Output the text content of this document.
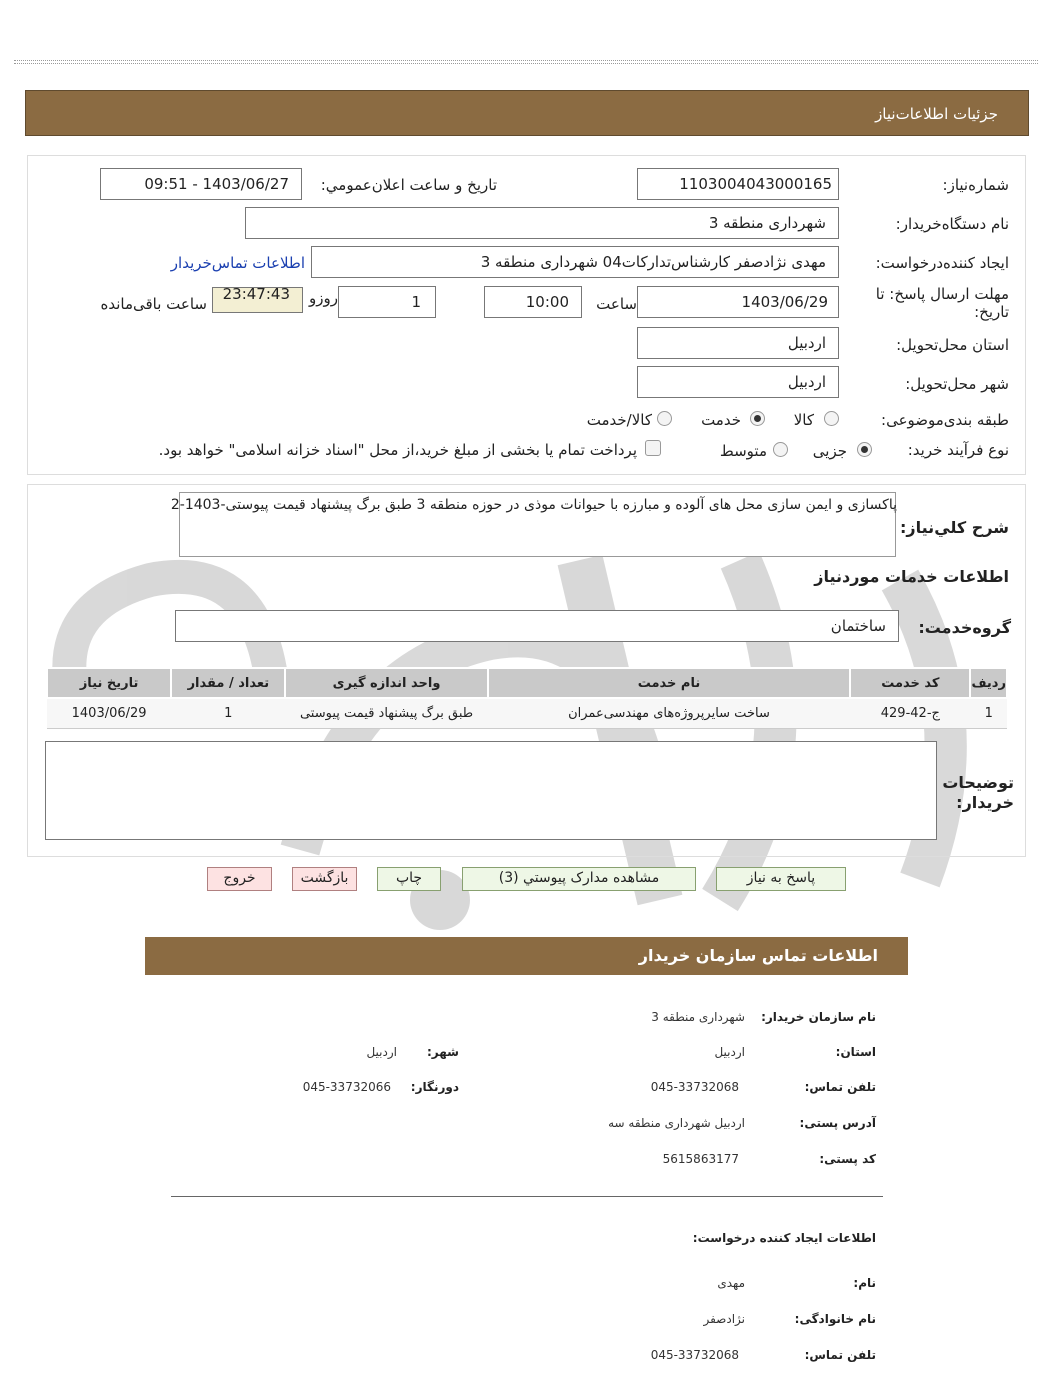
جزئیات اطلاعات‌نیاز
شماره‌نیاز:
1103004043000165
تاريخ و ساعت اعلان‌عمومي:
1403/06/27 - 09:51
نام دستگاه‌خریدار:
شهرداری منطقه 3
ایجاد کننده‌درخواست:
مهدی نژادصفر کارشناس‌تدارکات04 شهرداری منطقه 3
اطلاعات تماس‌خریدار
مهلت ارسال پاسخ: تا تاریخ:
1403/06/29
ساعت
10:00
1
روزو
23:47:43
ساعت باقی‌مانده
استان محل‌تحویل:
اردبیل
شهر محل‌تحویل:
اردبیل
طبقه بندی‌موضوعی:
کالا
خدمت
کالا/خدمت
نوع فرآیند خرید:
جزیی
متوسط
پرداخت تمام یا بخشی از مبلغ خرید،از محل "اسناد خزانه اسلامی" خواهد بود.
شرح کلي‌نیاز:
پاکسازی و ایمن سازی محل های آلوده و مبارزه با حیوانات موذی در حوزه منطقه 3 طبق برگ پیشنهاد قیمت پیوستی-1403-2
اطلاعات خدمات موردنیاز
گروه‌خدمت:
ساختمان
ردیف	کد خدمت	نام خدمت	واحد اندازه گیری	تعداد / مقدار	تاریخ نیاز
1	ج-42-429	ساخت سایرپروژه‌های مهندسی‌عمران	طبق برگ پیشنهاد قیمت پیوستی	1	1403/06/29
توضیحات خریدار:
پاسخ به نیاز
مشاهده مدارک پیوستي (3)
چاپ
بازگشت
خروج
اطلاعات تماس سازمان خریدار
نام سازمان خریدار:
شهرداری منطقه 3
استان:
اردبیل
شهر:
اردبیل
تلفن تماس:
045-33732068
دورنگار:
045-33732066
آدرس پستی:
اردبیل شهرداری منطقه سه
کد پستی:
5615863177
اطلاعات ایجاد کننده درخواست:
نام:
مهدی
نام خانوادگی:
نژادصفر
تلفن تماس:
045-33732068
